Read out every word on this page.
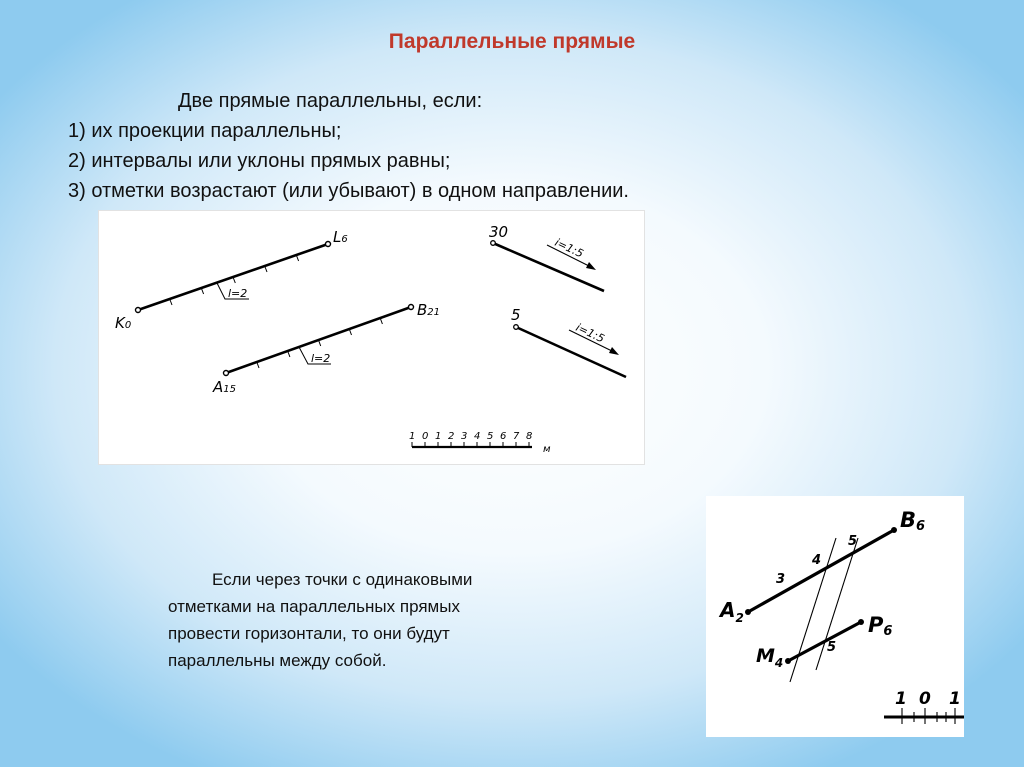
Параллельные прямые
Две прямые параллельны, если:
1) их проекции параллельны;
2) интервалы или уклоны прямых равны;
3) отметки возрастают (или убывают) в одном направлении.
l=2
K0
L6
l=2
A15
B21
i=1:5
30
i=1:5
5
1 0 1 2 3 4 5 6 7 8
м
Если через точки с одинаковыми
отметками на параллельных прямых
провести горизонтали, то они будут
параллельны между собой.
3
4
5
5
$A_2$
B6
$M_4$
P6
1 0 1
